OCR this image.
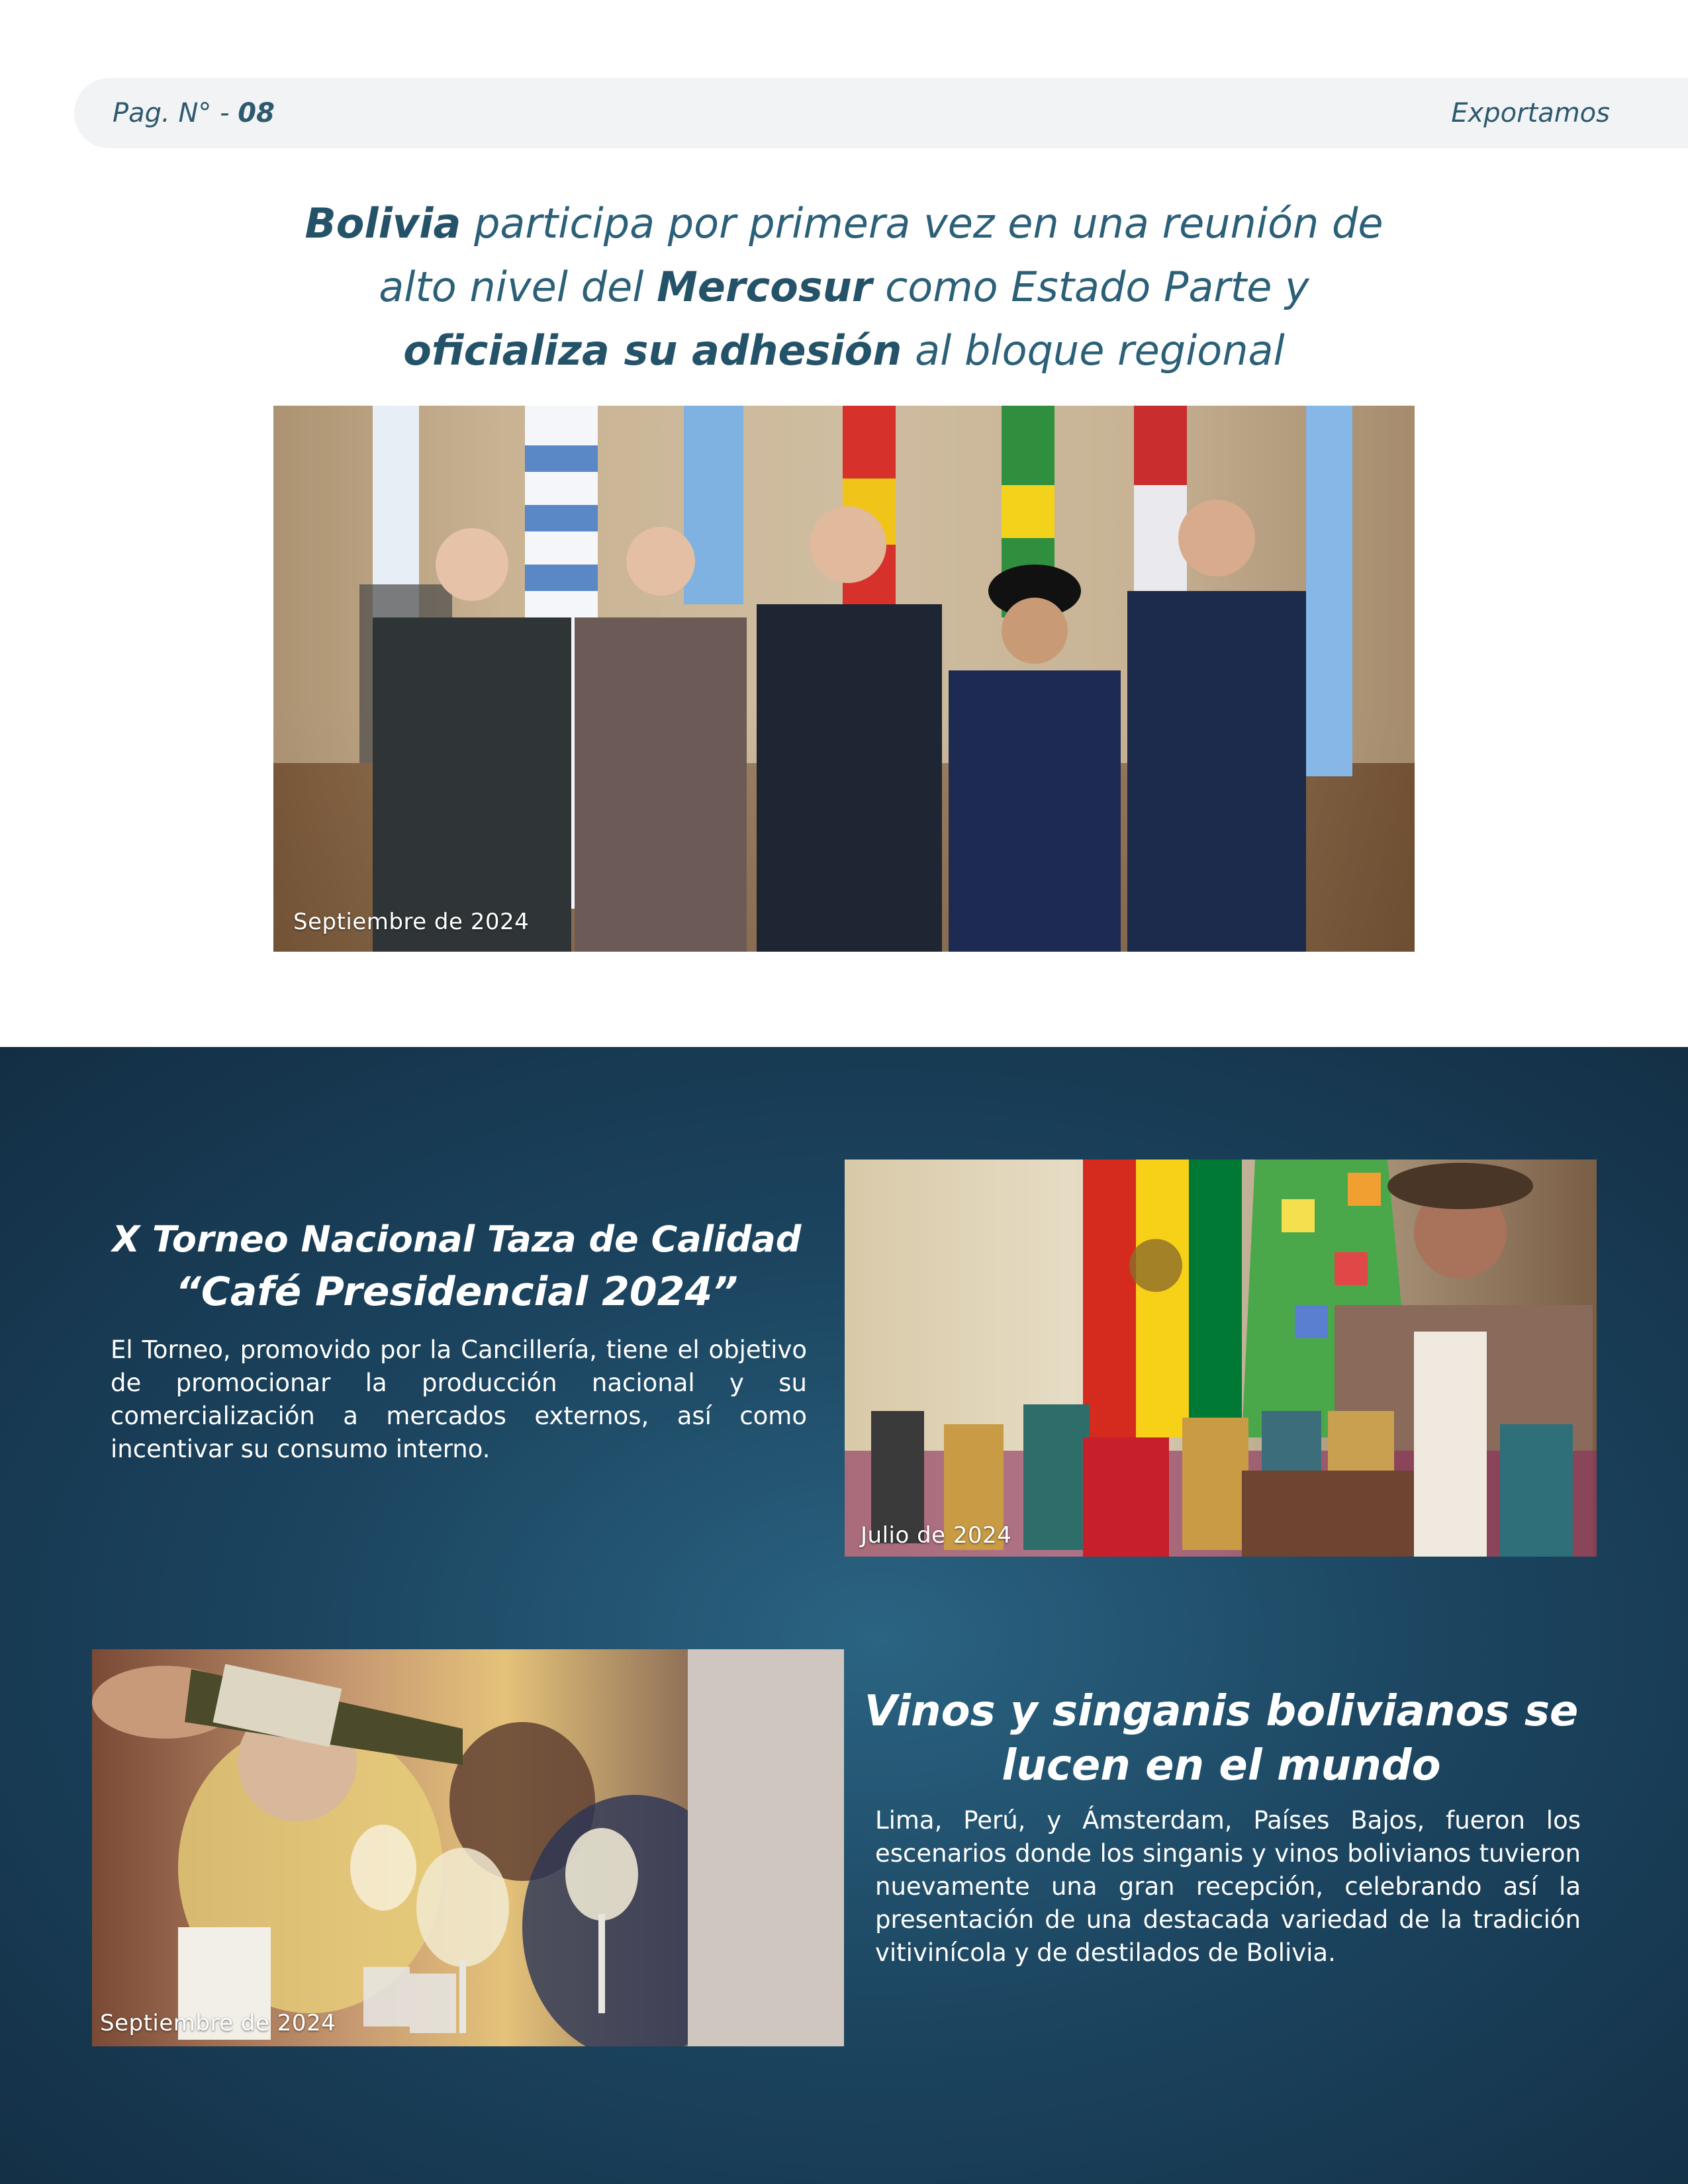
Pag. N° - 08	Exportamos
Bolivia participa por primera vez en una reunión de
alto nivel del Mercosur como Estado Parte y
oficializa su adhesión al bloque regional
Septiembre de 2024
X Torneo Nacional Taza de Calidad
“Café Presidencial 2024”
El Torneo, promovido por la Cancillería, tiene el objetivo de promocionar la producción nacional y su comercialización a mercados externos, así como incentivar su consumo interno.
Julio de 2024
Septiembre de 2024
Vinos y singanis bolivianos se
lucen en el mundo
Lima, Perú, y Ámsterdam, Países Bajos, fueron los escenarios donde los singanis y vinos bolivianos tuvieron nuevamente una gran recepción, celebrando así la presentación de una destacada variedad de la tradición vitivinícola y de destilados de Bolivia.
